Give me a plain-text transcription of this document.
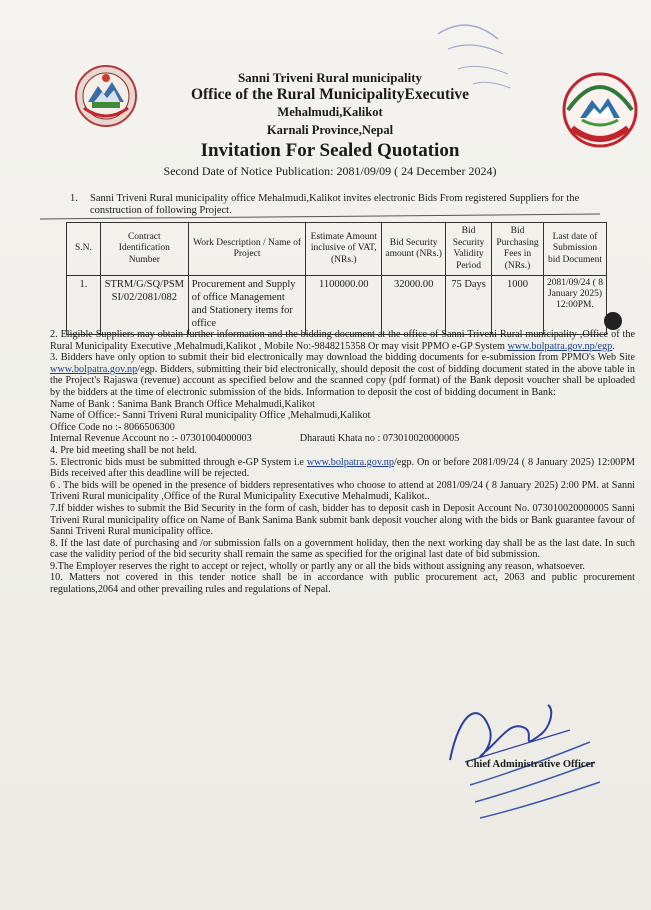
Sanni Triveni Rural municipality
Office of the Rural MunicipalityExecutive
Mehalmudi,Kalikot
Karnali Province,Nepal
Invitation For Sealed Quotation
Second Date of Notice Publication: 2081/09/09 ( 24 December 2024)
1. Sanni Triveni Rural municipality office Mehalmudi,Kalikot invites electronic Bids From registered Suppliers for the construction of following Project.
S.N.	Contract Identification Number	Work Description / Name of Project	Estimate Amount inclusive of VAT, (NRs.)	Bid Security amount (NRs.)	Bid Security Validity Period	Bid Purchasing Fees in (NRs.)	Last date of Submission bid Document
1.	STRM/G/SQ/PSMSI/02/2081/082	Procurement and Supply of office Management and Stationery items for office	1100000.00	32000.00	75 Days	1000	2081/09/24 ( 8 January 2025) 12:00PM.

2. Eligible Suppliers may obtain further information and the bidding document at the office of Sanni Triveni Rural municipality ,Office of the Rural Municipality Executive ,Mehalmudi,Kalikot , Mobile No:-9848215358 Or may visit PPMO e-GP System www.bolpatra.gov.np/egp.

3. Bidders have only option to submit their bid electronically may download the bidding documents for e-submission from PPMO's Web Site www.bolpatra.gov.np/egp. Bidders, submitting their bid electronically, should deposit the cost of bidding document stated in the above table in the Project's Rajaswa (revenue) account as specified below and the scanned copy (pdf format) of the Bank deposit voucher shall be uploaded by the bidders at the time of electronic submission of the bids. Information to deposit the cost of bidding document in Bank:

Name of Bank : Sanima Bank Branch Office Mehalmudi,Kalikot

Name of Office:- Sanni Triveni Rural municipality Office ,Mehalmudi,Kalikot

Office Code no :- 8066506300

Internal Revenue Account no :- 07301004000003	Dharauti Khata no : 073010020000005

4. Pre bid meeting shall be not held.

5. Electronic bids must be submitted through e-GP System i.e www.bolpatra.gov.np/egp. On or before 2081/09/24 ( 8 January 2025) 12:00PM Bids received after this deadline will be rejected.

6 . The bids will be opened in the presence of bidders representatives who choose to attend at 2081/09/24 ( 8 January 2025) 2:00 PM. at Sanni Triveni Rural municipality ,Office of the Rural Municipality Executive Mehalmudi, Kalikot..

7.If bidder wishes to submit the Bid Security in the form of cash, bidder has to deposit cash in Deposit Account No. 073010020000005 Sanni Triveni Rural municipality office on Name of Bank Sanima Bank submit bank deposit voucher along with the bids or Bank guarantee favour of Sanni Triveni Rural municipality office.

8. If the last date of purchasing and /or submission falls on a government holiday, then the next working day shall be as the last date. In such case the validity period of the bid security shall remain the same as specified for the original last date of bid submission.

9.The Employer reserves the right to accept or reject, wholly or partly any or all the bids without assigning any reason, whatsoever.

10. Matters not covered in this tender notice shall be in accordance with public procurement act, 2063 and public procurement regulations,2064 and other prevailing rules and regulations of Nepal.

Chief Administrative Officer
